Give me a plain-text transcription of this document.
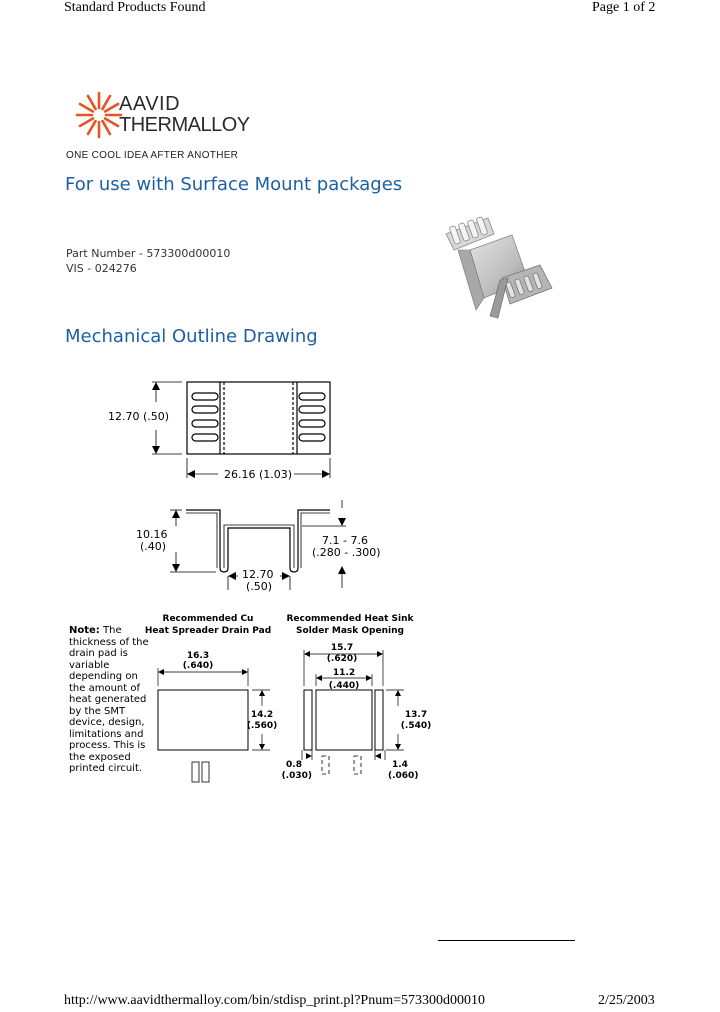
Standard Products Found	Page 1 of 2
AAVID
THERMALLOY
ONE COOL IDEA AFTER ANOTHER
For use with Surface Mount packages
Part Number - 573300d00010
VIS - 024276
Mechanical Outline Drawing
12.70 (.50)
26.16 (1.03)
10.16
(.40)	7.1 - 7.6
(.280 - .300)
12.70
(.50)
Note: The thickness of the drain pad is variable depending on the amount of heat generated by the SMT device, design, limitations and process. This is the exposed printed circuit.
Recommended Cu
Heat Spreader Drain Pad
16.3
(.640)
14.2
(.560)
Recommended Heat Sink
Solder Mask Opening
15.7
(.620)
11.2
(.440)
13.7
(.540)
0.8
(.030)
1.4
(.060)
http://www.aavidthermalloy.com/bin/stdisp_print.pl?Pnum=573300d00010	2/25/2003
